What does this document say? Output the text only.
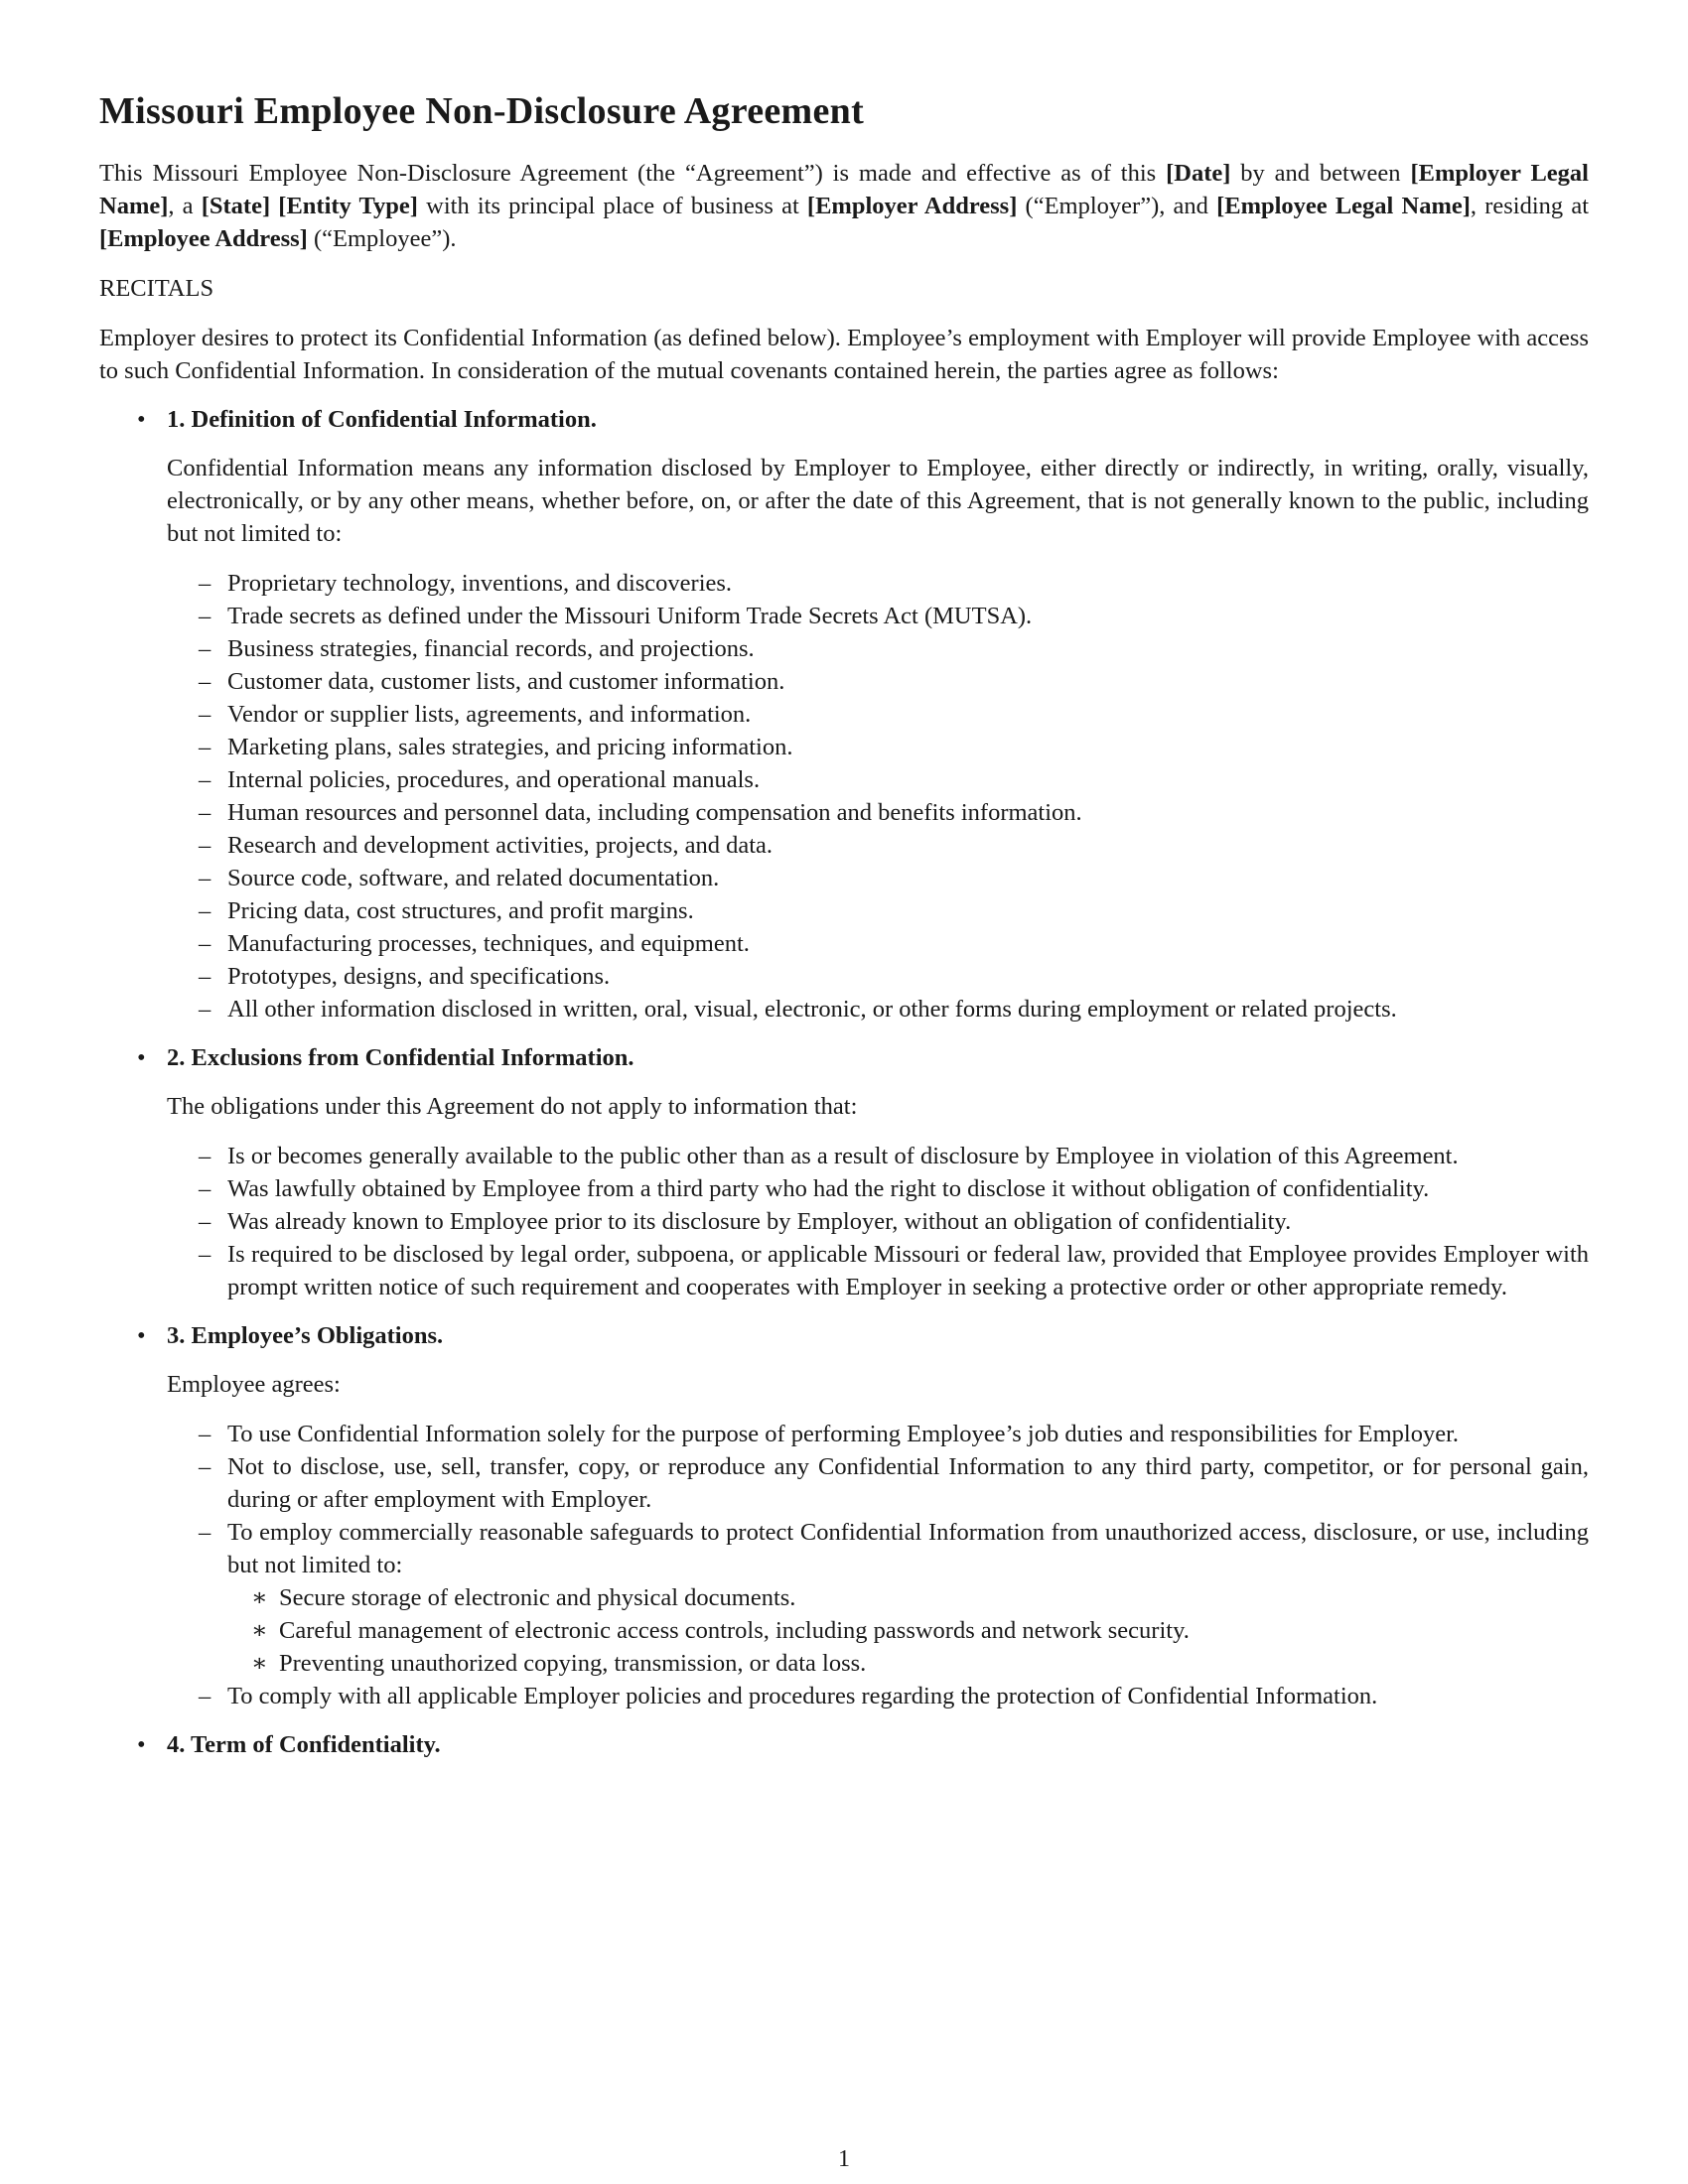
Missouri Employee Non-Disclosure Agreement

This Missouri Employee Non-Disclosure Agreement (the “Agreement”) is made and effective as of this [Date] by and between [Employer Legal Name], a [State] [Entity Type] with its principal place of business at [Employer Address] (“Employer”), and [Employee Legal Name], residing at [Employee Address] (“Employee”).

RECITALS

Employer desires to protect its Confidential Information (as defined below). Employee’s employment with Employer will provide Employee with access to such Confidential Information. In consideration of the mutual covenants contained herein, the parties agree as follows:

• 1. Definition of Confidential Information.
Confidential Information means any information disclosed by Employer to Employee, either directly or indirectly, in writing, orally, visually, electronically, or by any other means, whether before, on, or after the date of this Agreement, that is not generally known to the public, including but not limited to:
– Proprietary technology, inventions, and discoveries.
– Trade secrets as defined under the Missouri Uniform Trade Secrets Act (MUTSA).
– Business strategies, financial records, and projections.
– Customer data, customer lists, and customer information.
– Vendor or supplier lists, agreements, and information.
– Marketing plans, sales strategies, and pricing information.
– Internal policies, procedures, and operational manuals.
– Human resources and personnel data, including compensation and benefits information.
– Research and development activities, projects, and data.
– Source code, software, and related documentation.
– Pricing data, cost structures, and profit margins.
– Manufacturing processes, techniques, and equipment.
– Prototypes, designs, and specifications.
– All other information disclosed in written, oral, visual, electronic, or other forms during employment or related projects.
• 2. Exclusions from Confidential Information.
The obligations under this Agreement do not apply to information that:
– Is or becomes generally available to the public other than as a result of disclosure by Employee in violation of this Agreement.
– Was lawfully obtained by Employee from a third party who had the right to disclose it without obligation of confidentiality.
– Was already known to Employee prior to its disclosure by Employer, without an obligation of confidentiality.
– Is required to be disclosed by legal order, subpoena, or applicable Missouri or federal law, provided that Employee provides Employer with prompt written notice of such requirement and cooperates with Employer in seeking a protective order or other appropriate remedy.
• 3. Employee’s Obligations.
Employee agrees:
– To use Confidential Information solely for the purpose of performing Employee’s job duties and responsibilities for Employer.
– Not to disclose, use, sell, transfer, copy, or reproduce any Confidential Information to any third party, competitor, or for personal gain, during or after employment with Employer.
– To employ commercially reasonable safeguards to protect Confidential Information from unauthorized access, disclosure, or use, including but not limited to:
∗ Secure storage of electronic and physical documents.
∗ Careful management of electronic access controls, including passwords and network security.
∗ Preventing unauthorized copying, transmission, or data loss.
– To comply with all applicable Employer policies and procedures regarding the protection of Confidential Information.
• 4. Term of Confidentiality.
1
